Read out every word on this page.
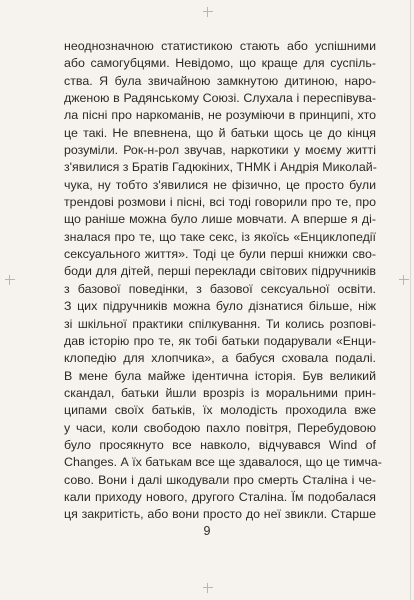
неоднозначною статистикою стають або успішними
або самогубцями. Невідомо, що краще для суспіль-
ства. Я була звичайною замкнутою дитиною, наро-
дженою в Радянському Союзі. Слухала і переспівува-
ла пісні про наркоманів, не розуміючи в принципі, хто
це такі. Не впевнена, що й батьки щось це до кінця
розуміли. Рок-н-рол звучав, наркотики у моєму житті
з'явилися з Братів Гадюкіних, ТНМК і Андрія Миколай-
чука, ну тобто з'явилися не фізично, це просто були
трендові розмови і пісні, всі тоді говорили про те, про
що раніше можна було лише мовчати. А вперше я ді-
зналася про те, що таке секс, із якоїсь «Енциклопедії
сексуального життя». Тоді це були перші книжки сво-
боди для дітей, перші переклади світових підручників
з базової поведінки, з базової сексуальної освіти.
З цих підручників можна було дізнатися більше, ніж
зі шкільної практики спілкування. Ти колись розпові-
дав історію про те, як тобі батьки подарували «Енци-
клопедію для хлопчика», а бабуся сховала подалі.
В мене була майже ідентична історія. Був великий
скандал, батьки йшли врозріз із моральними прин-
ципами своїх батьків, їх молодість проходила вже
у часи, коли свободою пахло повітря, Перебудовою
було просякнуто все навколо, відчувався Wind of
Changes. А їх батькам все ще здавалося, що це тимча-
сово. Вони і далі шкодували про смерть Сталіна і че-
кали приходу нового, другого Сталіна. Їм подобалася
ця закритість, або вони просто до неї звикли. Старше
9
